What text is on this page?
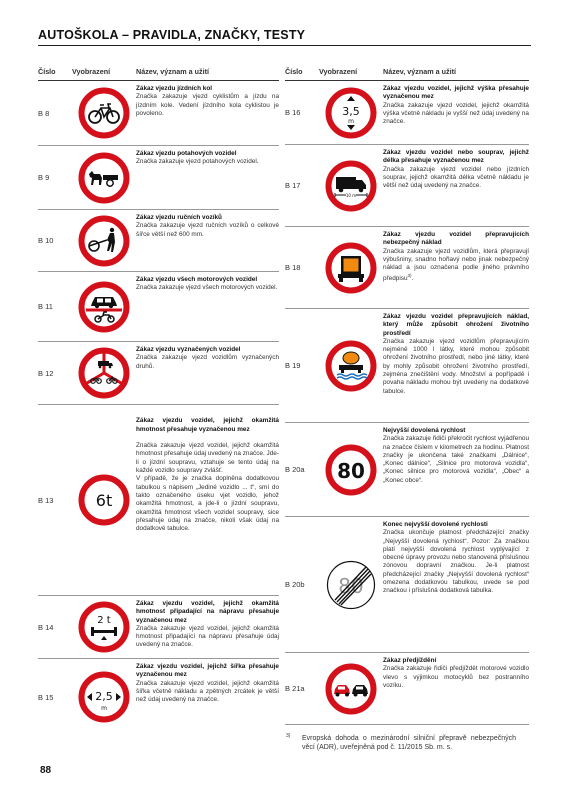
AUTOŠKOLA – PRAVIDLA, ZNAČKY, TESTY
Číslo	Vyobrazení	Název, význam a užití
B 8
Zákaz vjezdu jízdních kol
Značka zakazuje vjezd cyklistům a jízdu na jízdním kole. Vedení jízdního kola cyklistou je povoleno.
B 9
Zákaz vjezdu potahových vozidel
Značka zakazuje vjezd potahových vozidel.
B 10
Zákaz vjezdu ručních vozíků
Značka zakazuje vjezd ručních vozíků o celkové šířce větší než 600 mm.
B 11
Zákaz vjezdu všech motorových vozidel
Značka zakazuje vjezd všech motorových vozidel.
B 12
Zákaz vjezdu vyznačených vozidel
Značka zakazuje vjezd vozidlům vyznačených druhů.
B 13	6t

Zákaz vjezdu vozidel, jejichž okamžitá hmotnost přesahuje vyznačenou mez

Značka zakazuje vjezd vozidel, jejichž okamžitá hmotnost přesahuje údaj uvedený na značce. Jde-li o jízdní soupravu, vztahuje se tento údaj na každé vozidlo soupravy zvlášť.
V případě, že je značka doplněna dodatkovou tabulkou s nápisem „Jediné vozidlo ... t“, smí do takto označeného úseku vjet vozidlo, jehož okamžitá hmotnost, a jde-li o jízdní soupravu, okamžitá hmotnost všech vozidel soupravy, sice přesahuje údaj na značce, nikoli však údaj na dodatkové tabulce.

B 14
2 t
Zákaz vjezdu vozidel, jejichž okamžitá hmotnost připadající na nápravu přesahuje vyznačenou mez
Značka zakazuje vjezd vozidel, jejichž okamžitá hmotnost připadající na nápravu přesahuje údaj uvedený na značce.
B 15	2,5
m
Zákaz vjezdu vozidel, jejichž šířka přesahuje vyznačenou mez
Značka zakazuje vjezd vozidel, jejichž okamžitá šířka včetně nákladu a zpětných zrcátek je větší než údaj uvedený na značce.
Číslo	Vyobrazení	Název, význam a užití
B 16	3,5
m
Zákaz vjezdu vozidel, jejichž výška přesahuje vyznačenou mez
Značka zakazuje vjezd vozidel, jejichž okamžitá výška včetně nákladu je vyšší než údaj uvedený na značce.
B 17
10 m
Zákaz vjezdu vozidel nebo souprav, jejichž délka přesahuje vyznačenou mez
Značka zakazuje vjezd vozidel nebo jízdních souprav, jejichž okamžitá délka včetně nákladu je větší než údaj uvedený na značce.
B 18
Zákaz vjezdu vozidel přepravujících nebezpečný náklad
Značka zakazuje vjezd vozidlům, která přepravují výbušniny, snadno hořlavý nebo jinak nebezpečný náklad a jsou označena podle jiného právního předpisu$^{3)}$.
B 19
Zákaz vjezdu vozidel přepravujících náklad, který může způsobit ohrožení životního prostředí
Značka zakazuje vjezd vozidlům přepravujícím nejméně 1000 l látky, které mohou způsobit ohrožení životního prostředí, nebo jiné látky, které by mohly způsobit ohrožení životního prostředí, zejména znečištění vody. Množství a popřípadě i povaha nákladu mohou být uvedeny na dodatkové tabulce.
B 20a	80
Nejvyšší dovolená rychlost
Značka zakazuje řidiči překročit rychlost vyjádřenou na značce číslem v kilometrech za hodinu. Platnost značky je ukončena také značkami „Dálnice“, „Konec dálnice“, „Silnice pro motorová vozidla“, „Konec silnice pro motorová vozidla“, „Obec“ a „Konec obce“.
B 20b	80
Konec nejvyšší dovolené rychlosti
Značka ukončuje platnost předcházející značky „Nejvyšší dovolená rychlost“. Pozor: Za značkou platí nejvyšší dovolená rychlost vyplývající z obecné úpravy provozu nebo stanovená příslušnou zónovou dopravní značkou. Je-li platnost předcházející značky „Nejvyšší dovolená rychlost“ omezena dodatkovou tabulkou, uvede se pod značkou i příslušná dodatková tabulka.
B 21a
Zákaz předjíždění
Značka zakazuje řidiči předjíždět motorové vozidlo vlevo s výjimkou motocyklů bez postranního vozíku.
3)	Evropská dohoda o mezinárodní silniční přepravě nebezpečných věcí (ADR), uveřejněná pod č. 11/2015 Sb. m. s.
88
